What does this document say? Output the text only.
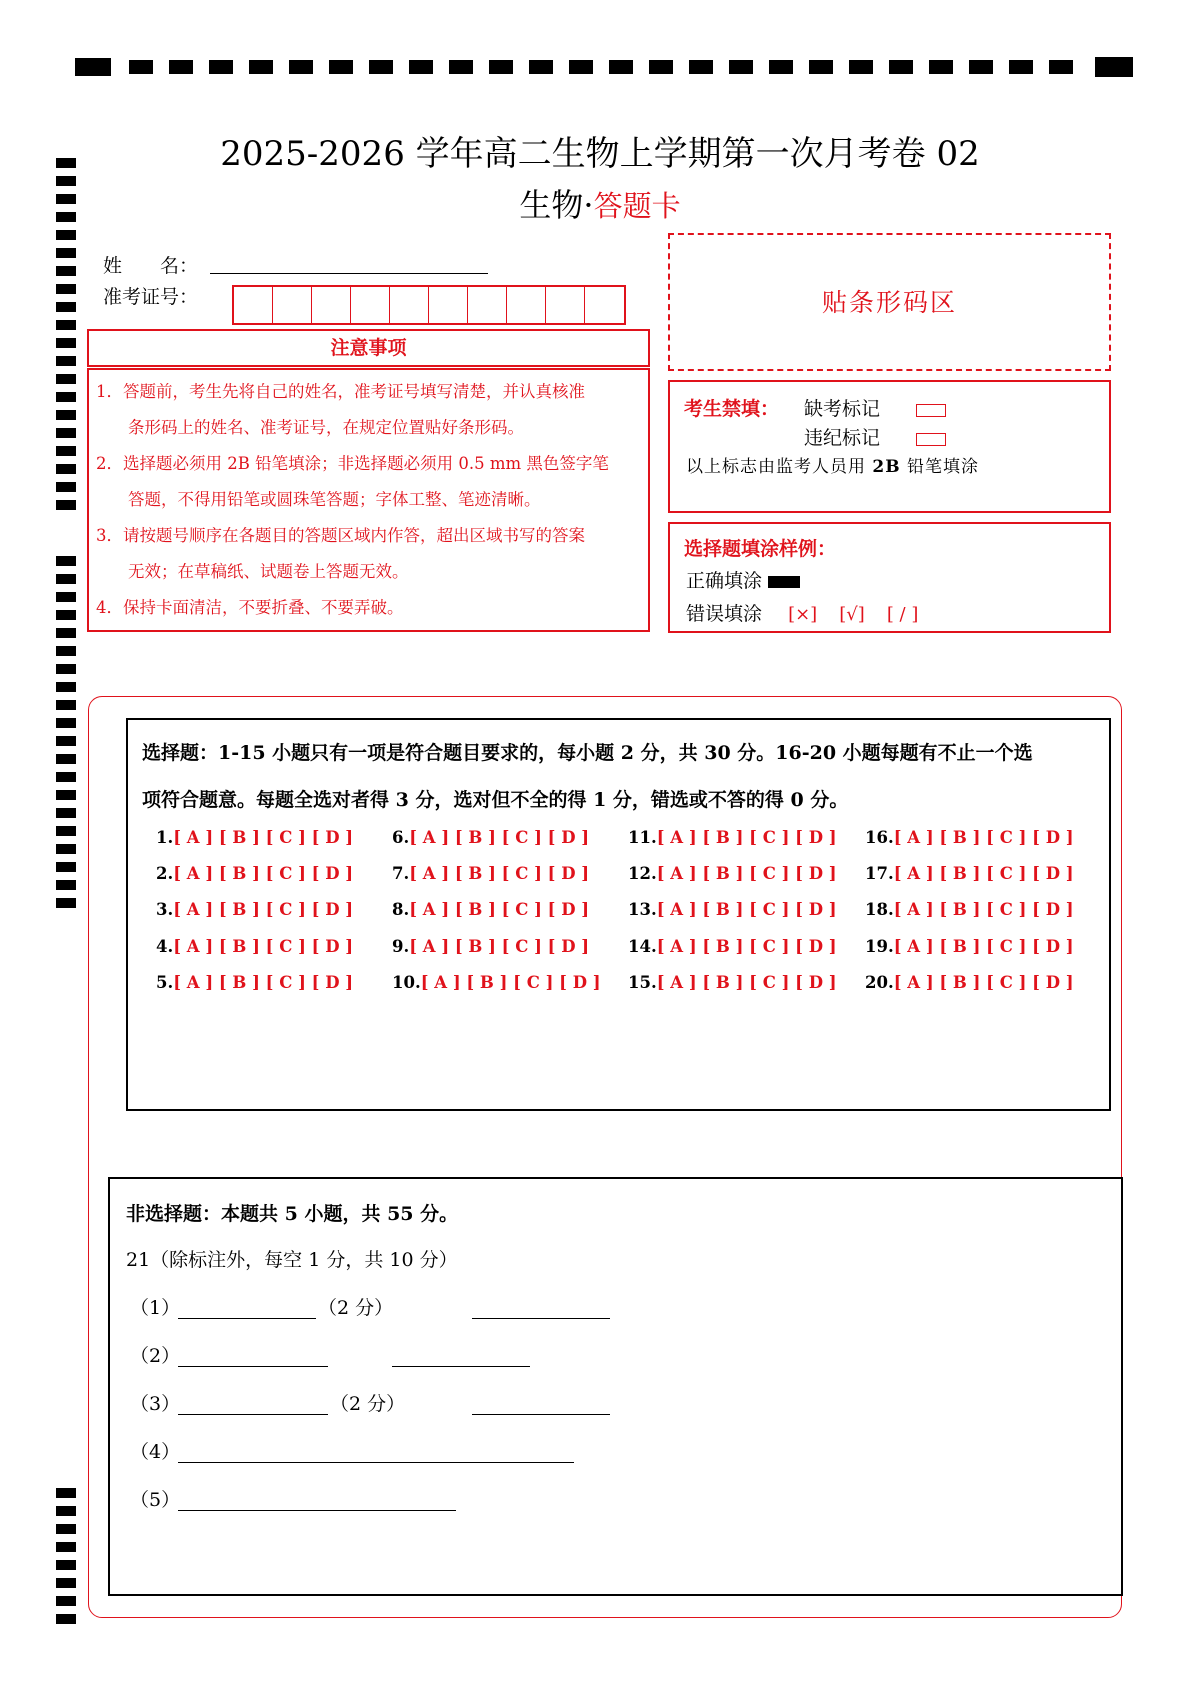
2025-2026 学年高二生物上学期第一次月考卷 02
生物·答题卡
姓　　名：
准考证号：	贴条形码区
注意事项

1．答题前，考生先将自己的姓名，准考证号填写清楚，并认真核准

条形码上的姓名、准考证号，在规定位置贴好条形码。

2．选择题必须用 2B 铅笔填涂；非选择题必须用 0.5 mm 黑色签字笔

答题，不得用铅笔或圆珠笔答题；字体工整、笔迹清晰。

3．请按题号顺序在各题目的答题区域内作答，超出区域书写的答案

无效；在草稿纸、试题卷上答题无效。

4．保持卡面清洁，不要折叠、不要弄破。

考生禁填： 缺考标记
违纪标记
以上标志由监考人员用 2B 铅笔填涂
选择题填涂样例：
正确填涂
错误填涂 [×] [√] [ / ]
选择题：1-15 小题只有一项是符合题目要求的，每小题 2 分，共 30 分。16-20 小题每题有不止一个选
项符合题意。每题全选对者得 3 分，选对但不全的得 1 分，错选或不答的得 0 分。
1.[ A ] [ B ] [ C ] [ D ]
2.[ A ] [ B ] [ C ] [ D ]
3.[ A ] [ B ] [ C ] [ D ]
4.[ A ] [ B ] [ C ] [ D ]
5.[ A ] [ B ] [ C ] [ D ]
6.[ A ] [ B ] [ C ] [ D ]
7.[ A ] [ B ] [ C ] [ D ]
8.[ A ] [ B ] [ C ] [ D ]
9.[ A ] [ B ] [ C ] [ D ]
10.[ A ] [ B ] [ C ] [ D ]
11.[ A ] [ B ] [ C ] [ D ]
12.[ A ] [ B ] [ C ] [ D ]
13.[ A ] [ B ] [ C ] [ D ]
14.[ A ] [ B ] [ C ] [ D ]
15.[ A ] [ B ] [ C ] [ D ]
16.[ A ] [ B ] [ C ] [ D ]
17.[ A ] [ B ] [ C ] [ D ]
18.[ A ] [ B ] [ C ] [ D ]
19.[ A ] [ B ] [ C ] [ D ]
20.[ A ] [ B ] [ C ] [ D ]
非选择题：本题共 5 小题，共 55 分。
21（除标注外，每空 1 分，共 10 分）
（1）	（2 分）
（2）
（3）	（2 分）
（4）
（5）
